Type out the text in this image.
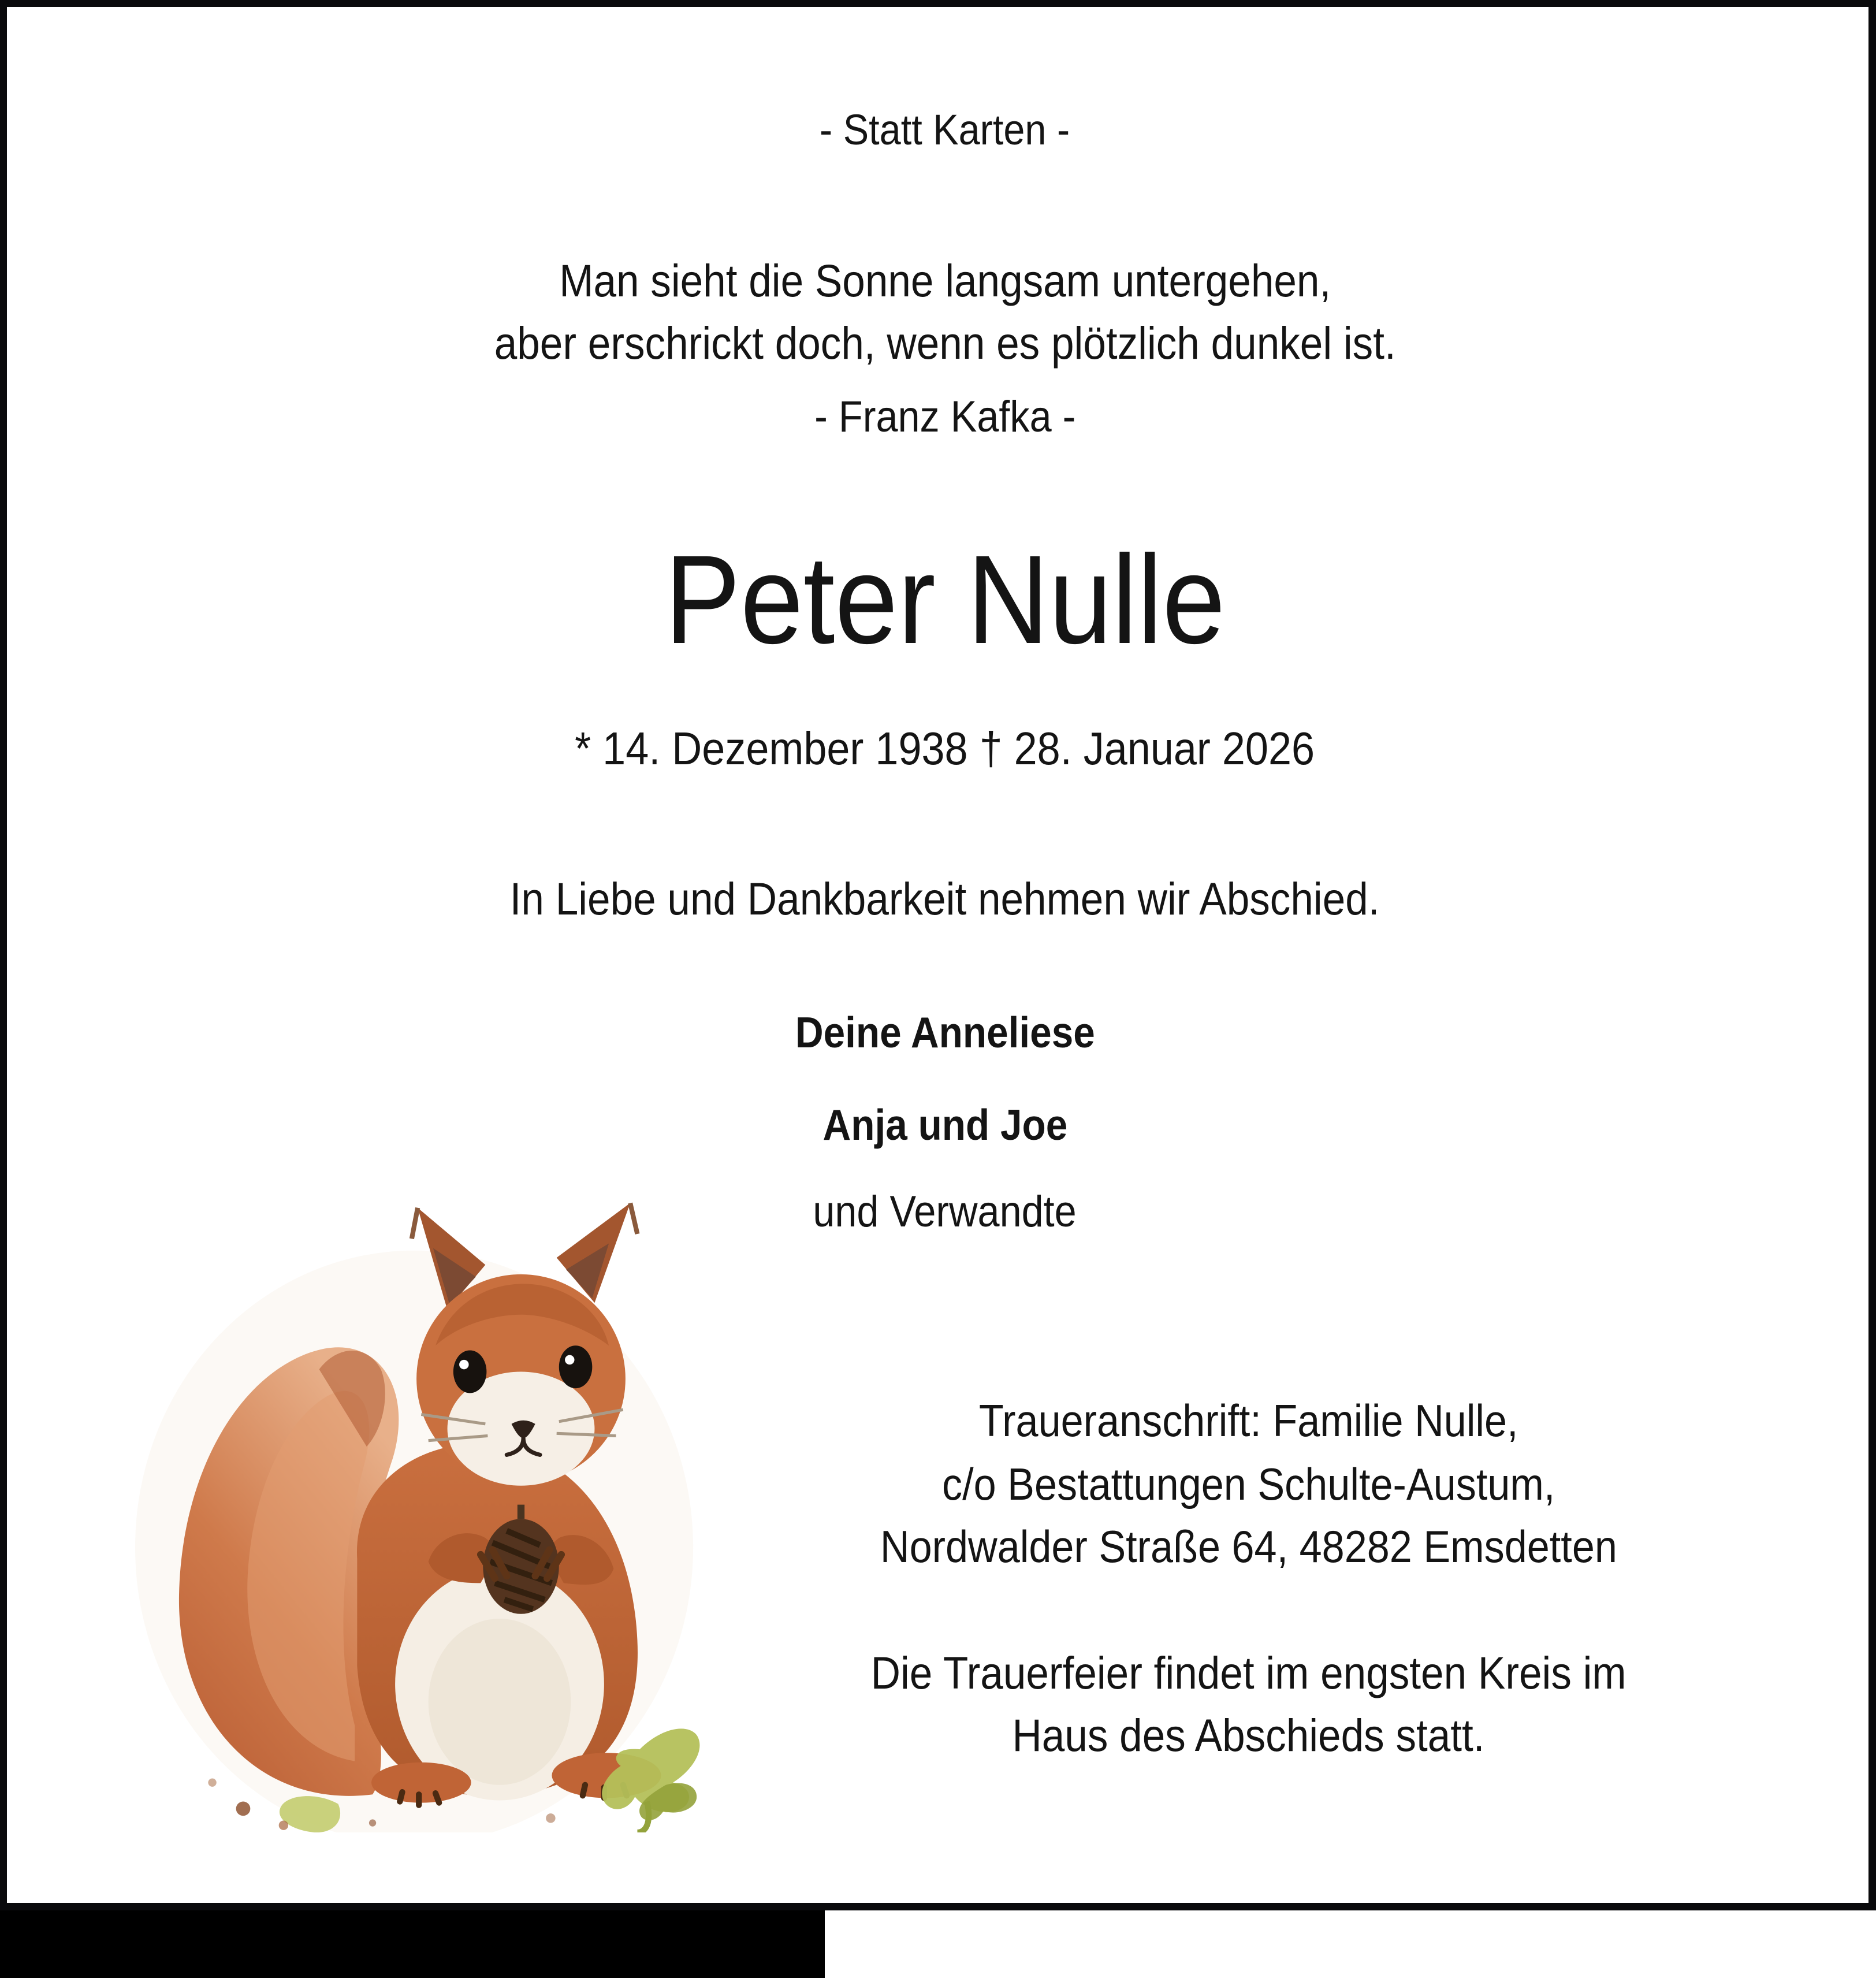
- Statt Karten -
Man sieht die Sonne langsam untergehen,
aber erschrickt doch, wenn es plötzlich dunkel ist.
- Franz Kafka -
Peter Nulle
* 14. Dezember 1938 † 28. Januar 2026
In Liebe und Dankbarkeit nehmen wir Abschied.
Deine Anneliese
Anja und Joe
und Verwandte
Traueranschrift: Familie Nulle,
c/o Bestattungen Schulte-Austum,
Nordwalder Straße 64, 48282 Emsdetten
Die Trauerfeier findet im engsten Kreis im
Haus des Abschieds statt.
